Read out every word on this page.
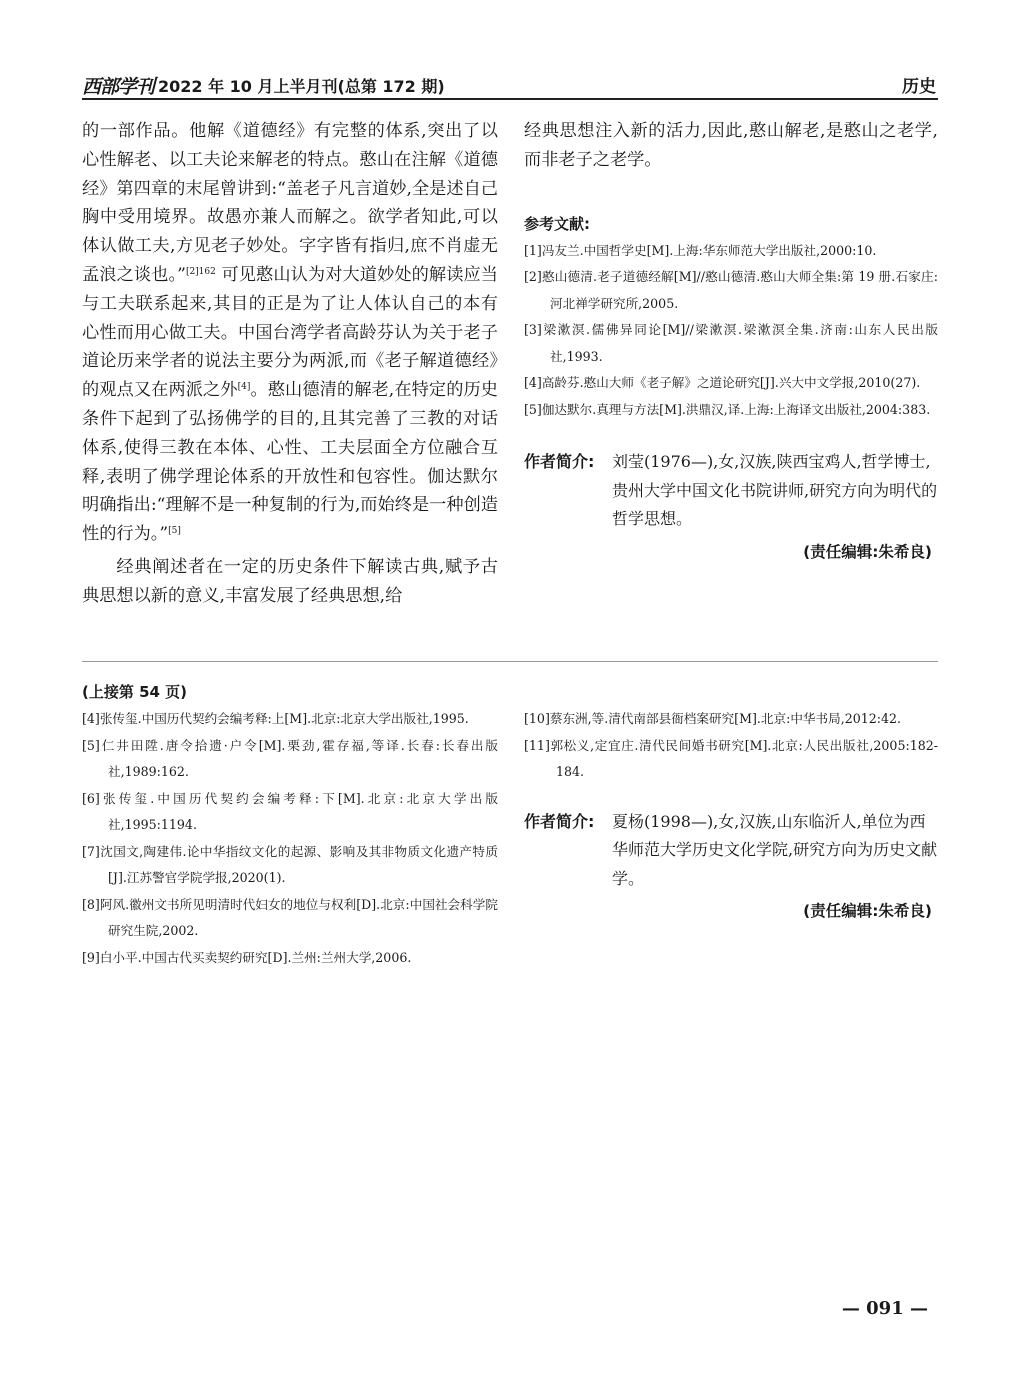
西部学刊 2022 年 10 月上半月刊(总第 172 期)	历史

的一部作品。他解《道德经》有完整的体系,突出了以心性解老、以工夫论来解老的特点。憨山在注解《道德经》第四章的末尾曾讲到:“盖老子凡言道妙,全是述自己胸中受用境界。故愚亦兼人而解之。欲学者知此,可以体认做工夫,方见老子妙处。字字皆有指归,庶不肖虚无孟浪之谈也。”$^{[2]162}$ 可见憨山认为对大道妙处的解读应当与工夫联系起来,其目的正是为了让人体认自己的本有心性而用心做工夫。中国台湾学者高龄芬认为关于老子道论历来学者的说法主要分为两派,而《老子解道德经》的观点又在两派之外[4]。憨山德清的解老,在特定的历史条件下起到了弘扬佛学的目的,且其完善了三教的对话体系,使得三教在本体、心性、工夫层面全方位融合互释,表明了佛学理论体系的开放性和包容性。伽达默尔明确指出:“理解不是一种复制的行为,而始终是一种创造性的行为。”[5]

经典阐述者在一定的历史条件下解读古典,赋予古典思想以新的意义,丰富发展了经典思想,给

经典思想注入新的活力,因此,憨山解老,是憨山之老学,而非老子之老学。

参考文献:
[1]冯友兰.中国哲学史[M].上海:华东师范大学出版社,2000:10.
[2]憨山德清.老子道德经解[M]//憨山德清.憨山大师全集:第 19 册.石家庄:河北禅学研究所,2005.
[3]梁漱溟.儒佛异同论[M]//梁漱溟.梁漱溟全集.济南:山东人民出版社,1993.
[4]高龄芬.憨山大师《老子解》之道论研究[J].兴大中文学报,2010(27).
[5]伽达默尔.真理与方法[M].洪鼎汉,译.上海:上海译文出版社,2004:383.
作者简介: 刘莹(1976—),女,汉族,陕西宝鸡人,哲学博士,贵州大学中国文化书院讲师,研究方向为明代的哲学思想。
(责任编辑:朱希良)
(上接第 54 页)
[4]张传玺.中国历代契约会编考释:上[M].北京:北京大学出版社,1995.
[5]仁井田陞.唐令拾遗·户令[M].栗劲,霍存福,等译.长春:长春出版社,1989:162.
[6]张传玺.中国历代契约会编考释:下[M].北京:北京大学出版社,1995:1194.
[7]沈国文,陶建伟.论中华指纹文化的起源、影响及其非物质文化遗产特质[J].江苏警官学院学报,2020(1).
[8]阿风.徽州文书所见明清时代妇女的地位与权利[D].北京:中国社会科学院研究生院,2002.
[9]白小平.中国古代买卖契约研究[D].兰州:兰州大学,2006.
[10]蔡东洲,等.清代南部县衙档案研究[M].北京:中华书局,2012:42.
[11]郭松义,定宜庄.清代民间婚书研究[M].北京:人民出版社,2005:182-184.
作者简介: 夏杨(1998—),女,汉族,山东临沂人,单位为西华师范大学历史文化学院,研究方向为历史文献学。
(责任编辑:朱希良)
— 091 —
